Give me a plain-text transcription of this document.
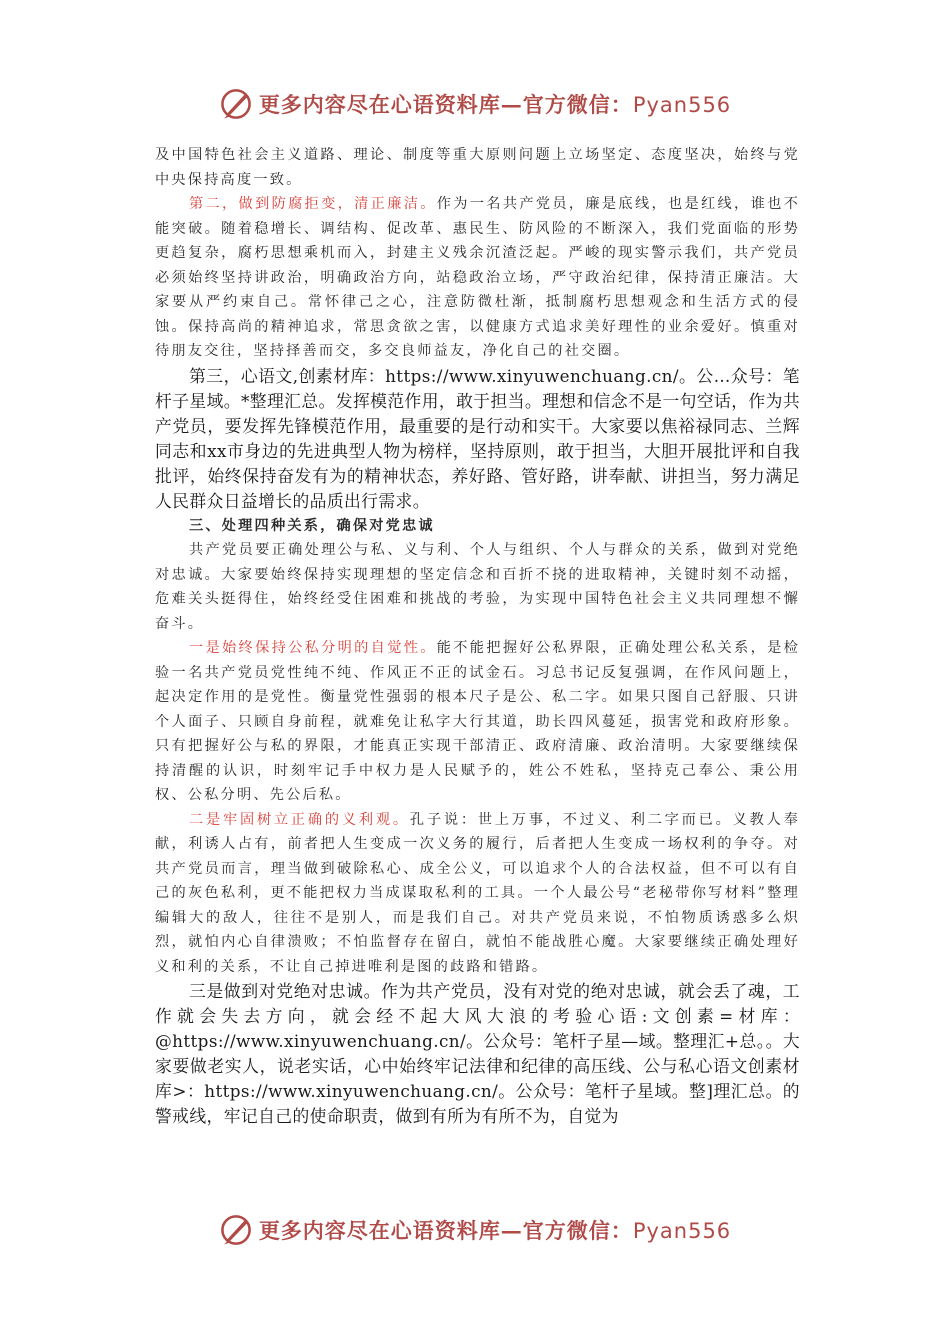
更多内容尽在心语资料库—官方微信：Pyan556

及中国特色社会主义道路、理论、制度等重大原则问题上立场坚定、态度坚决，始终与党中央保持高度一致。

第二，做到防腐拒变，清正廉洁。作为一名共产党员，廉是底线，也是红线，谁也不能突破。随着稳增长、调结构、促改革、惠民生、防风险的不断深入，我们党面临的形势更趋复杂，腐朽思想乘机而入，封建主义残余沉渣泛起。严峻的现实警示我们，共产党员必须始终坚持讲政治，明确政治方向，站稳政治立场，严守政治纪律，保持清正廉洁。大家要从严约束自己。常怀律己之心，注意防微杜渐，抵制腐朽思想观念和生活方式的侵蚀。保持高尚的精神追求，常思贪欲之害，以健康方式追求美好理性的业余爱好。慎重对待朋友交往，坚持择善而交，多交良师益友，净化自己的社交圈。

第三，心语文,创素材库：https://www.xinyuwenchuang.cn/。公…众号：笔杆子星域。*整理汇总。发挥模范作用，敢于担当。理想和信念不是一句空话，作为共产党员，要发挥先锋模范作用，最重要的是行动和实干。大家要以焦裕禄同志、兰辉同志和xx市身边的先进典型人物为榜样，坚持原则，敢于担当，大胆开展批评和自我批评，始终保持奋发有为的精神状态，养好路、管好路，讲奉献、讲担当，努力满足人民群众日益增长的品质出行需求。

三、处理四种关系，确保对党忠诚

共产党员要正确处理公与私、义与利、个人与组织、个人与群众的关系，做到对党绝对忠诚。大家要始终保持实现理想的坚定信念和百折不挠的进取精神，关键时刻不动摇，危难关头挺得住，始终经受住困难和挑战的考验，为实现中国特色社会主义共同理想不懈奋斗。

一是始终保持公私分明的自觉性。能不能把握好公私界限，正确处理公私关系，是检验一名共产党员党性纯不纯、作风正不正的试金石。习总书记反复强调，在作风问题上，起决定作用的是党性。衡量党性强弱的根本尺子是公、私二字。如果只图自己舒服、只讲个人面子、只顾自身前程，就难免让私字大行其道，助长四风蔓延，损害党和政府形象。只有把握好公与私的界限，才能真正实现干部清正、政府清廉、政治清明。大家要继续保持清醒的认识，时刻牢记手中权力是人民赋予的，姓公不姓私，坚持克己奉公、秉公用权、公私分明、先公后私。

二是牢固树立正确的义利观。孔子说：世上万事，不过义、利二字而已。义教人奉献，利诱人占有，前者把人生变成一次义务的履行，后者把人生变成一场权利的争夺。对共产党员而言，理当做到破除私心、成全公义，可以追求个人的合法权益，但不可以有自己的灰色私利，更不能把权力当成谋取私利的工具。一个人最公号“老秘带你写材料”整理编辑大的敌人，往往不是别人，而是我们自己。对共产党员来说，不怕物质诱惑多么炽烈，就怕内心自律溃败；不怕监督存在留白，就怕不能战胜心魔。大家要继续正确处理好义和利的关系，不让自己掉进唯利是图的歧路和错路。

三是做到对党绝对忠诚。作为共产党员，没有对党的绝对忠诚，就会丢了魂，工作就会失去方向，就会经不起大风大浪的考验心语:文创素=材库：@https://www.xinyuwenchuang.cn/。公众号：笔杆子星—域。整理汇+总。。大家要做老实人，说老实话，心中始终牢记法律和纪律的高压线、公与私心语文创素材库>：https://www.xinyuwenchuang.cn/。公众号：笔杆子星域。整]理汇总。的警戒线，牢记自己的使命职责，做到有所为有所不为，自觉为

更多内容尽在心语资料库—官方微信：Pyan556
